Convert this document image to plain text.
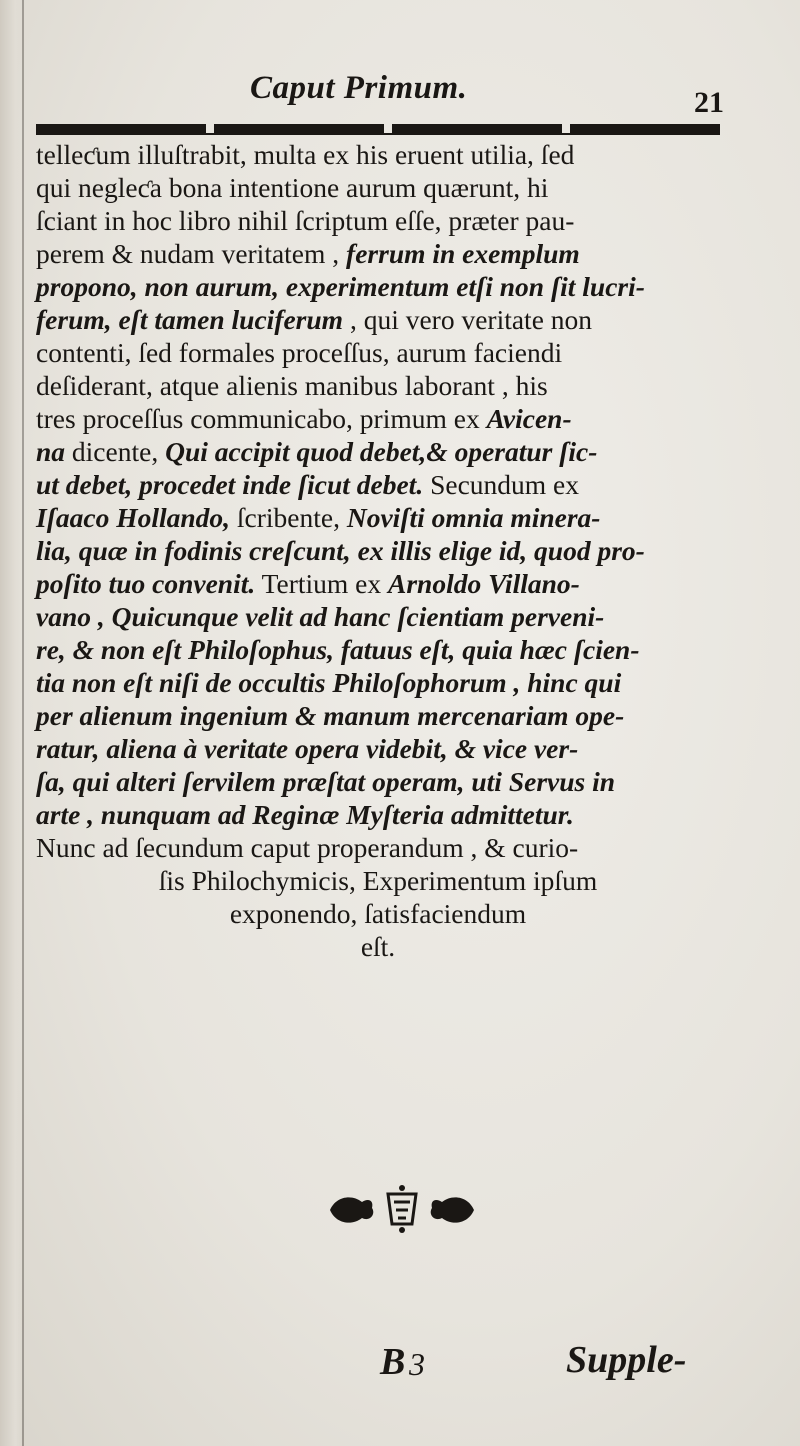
Caput Primum.	21
telleƈum illuſtrabit, multa ex his eruent utilia, ſed
qui negleƈa bona intentione aurum quærunt, hi
ſciant in hoc libro nihil ſcriptum eſſe, præter pau-
perem & nudam veritatem , ferrum in exemplum
propono, non aurum, experimentum etſi non ſit lucri-
ferum, eſt tamen luciferum , qui vero veritate non
contenti, ſed formales proceſſus, aurum faciendi
deſiderant, atque alienis manibus laborant , his
tres proceſſus communicabo, primum ex Avicen-
na dicente, Qui accipit quod debet,& operatur ſic-
ut debet, procedet inde ſicut debet. Secundum ex
Iſaaco Hollando, ſcribente, Noviſti omnia minera-
lia, quæ in fodinis creſcunt, ex illis elige id, quod pro-
poſito tuo convenit. Tertium ex Arnoldo Villano-
vano , Quicunque velit ad hanc ſcientiam perveni-
re, & non eſt Philoſophus, fatuus eſt, quia hæc ſcien-
tia non eſt niſi de occultis Philoſophorum , hinc qui
per alienum ingenium & manum mercenariam ope-
ratur, aliena à veritate opera videbit, & vice ver-
ſa, qui alteri ſervilem præſtat operam, uti Servus in
arte , nunquam ad Reginæ Myſteria admittetur.
Nunc ad ſecundum caput properandum , & curio-
ſis Philochymicis, Experimentum ipſum
exponendo, ſatisfaciendum
eſt.
B 3	Supple-
